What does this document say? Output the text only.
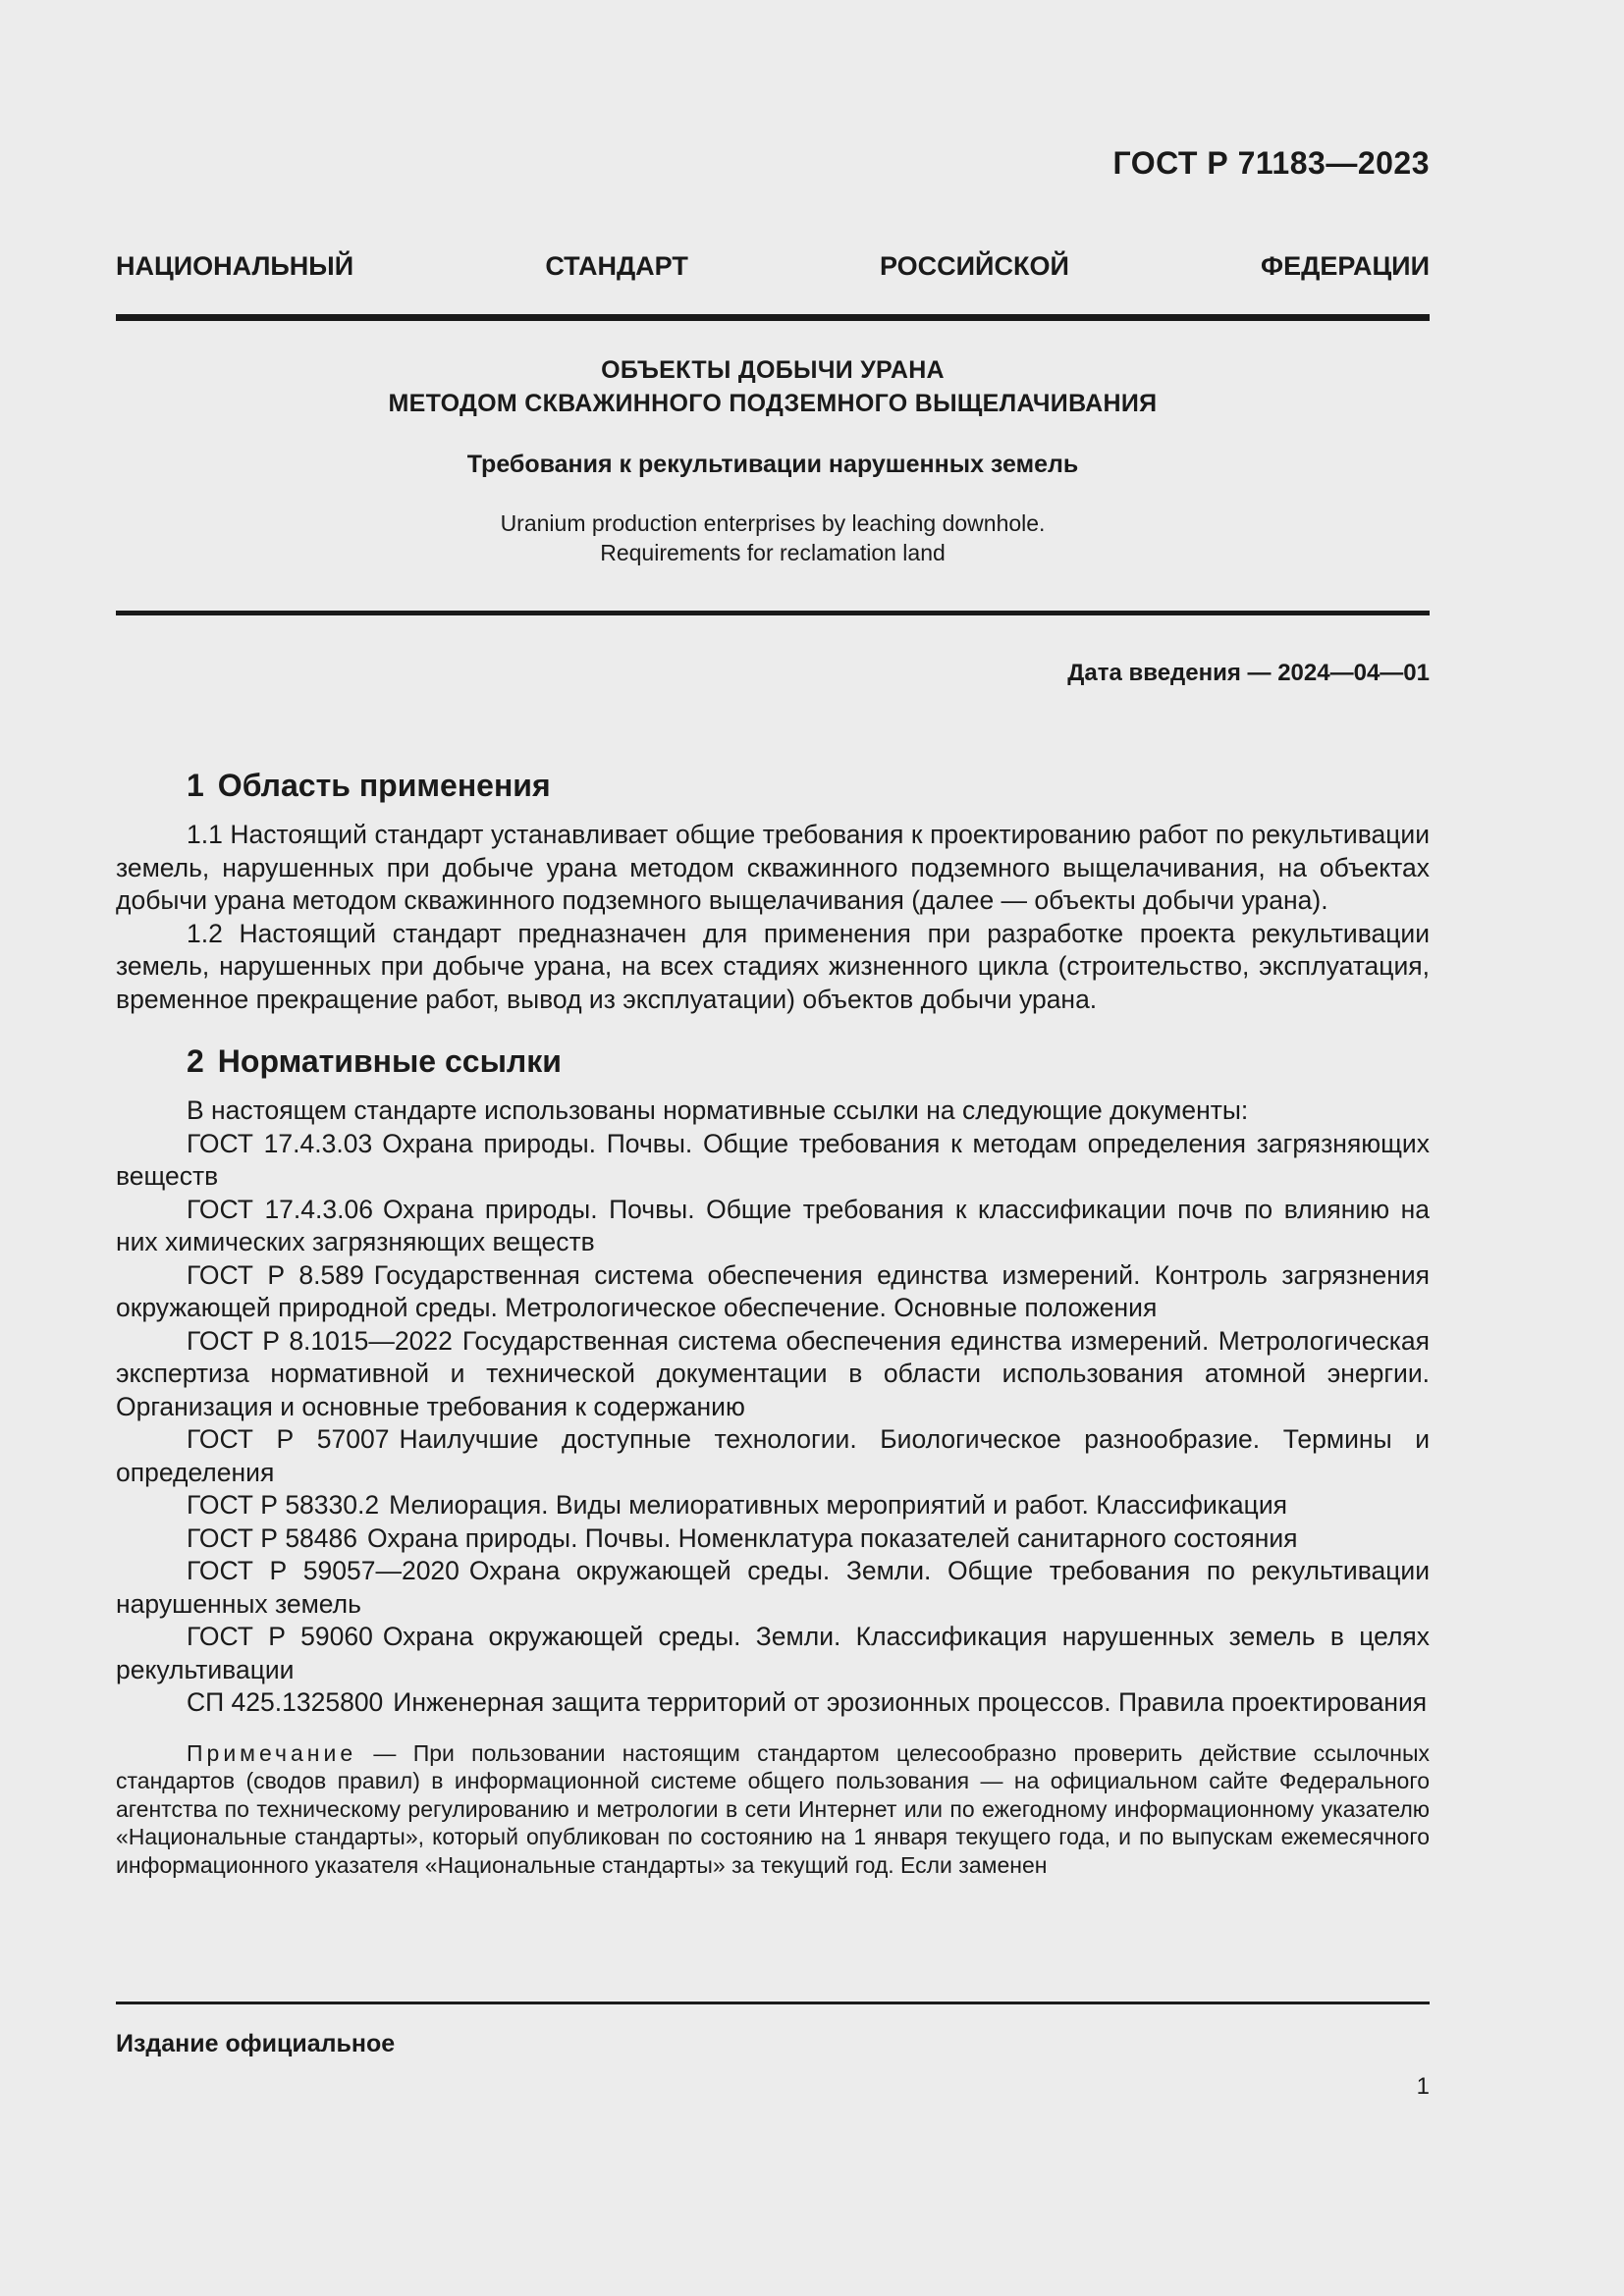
ГОСТ Р 71183—2023
НАЦИОНАЛЬНЫЙ	СТАНДАРТ	РОССИЙСКОЙ	ФЕДЕРАЦИИ
ОБЪЕКТЫ ДОБЫЧИ УРАНА
МЕТОДОМ СКВАЖИННОГО ПОДЗЕМНОГО ВЫЩЕЛАЧИВАНИЯ
Требования к рекультивации нарушенных земель
Uranium production enterprises by leaching downhole.
Requirements for reclamation land
Дата введения — 2024—04—01
1 Область применения

1.1 Настоящий стандарт устанавливает общие требования к проектированию работ по рекультивации земель, нарушенных при добыче урана методом скважинного подземного выщелачивания, на объектах добычи урана методом скважинного подземного выщелачивания (далее — объекты добычи урана).

1.2 Настоящий стандарт предназначен для применения при разработке проекта рекультивации земель, нарушенных при добыче урана, на всех стадиях жизненного цикла (строительство, эксплуатация, временное прекращение работ, вывод из эксплуатации) объектов добычи урана.

2 Нормативные ссылки

В настоящем стандарте использованы нормативные ссылки на следующие документы:

ГОСТ 17.4.3.03 Охрана природы. Почвы. Общие требования к методам определения загрязняющих веществ

ГОСТ 17.4.3.06 Охрана природы. Почвы. Общие требования к классификации почв по влиянию на них химических загрязняющих веществ

ГОСТ Р 8.589 Государственная система обеспечения единства измерений. Контроль загрязнения окружающей природной среды. Метрологическое обеспечение. Основные положения

ГОСТ Р 8.1015—2022 Государственная система обеспечения единства измерений. Метрологическая экспертиза нормативной и технической документации в области использования атомной энергии. Организация и основные требования к содержанию

ГОСТ Р 57007 Наилучшие доступные технологии. Биологическое разнообразие. Термины и определения

ГОСТ Р 58330.2 Мелиорация. Виды мелиоративных мероприятий и работ. Классификация

ГОСТ Р 58486 Охрана природы. Почвы. Номенклатура показателей санитарного состояния

ГОСТ Р 59057—2020 Охрана окружающей среды. Земли. Общие требования по рекультивации нарушенных земель

ГОСТ Р 59060 Охрана окружающей среды. Земли. Классификация нарушенных земель в целях рекультивации

СП 425.1325800 Инженерная защита территорий от эрозионных процессов. Правила проектирования

Примечание — При пользовании настоящим стандартом целесообразно проверить действие ссылочных стандартов (сводов правил) в информационной системе общего пользования — на официальном сайте Федерального агентства по техническому регулированию и метрологии в сети Интернет или по ежегодному информационному указателю «Национальные стандарты», который опубликован по состоянию на 1 января текущего года, и по выпускам ежемесячного информационного указателя «Национальные стандарты» за текущий год. Если заменен

Издание официальное
1
